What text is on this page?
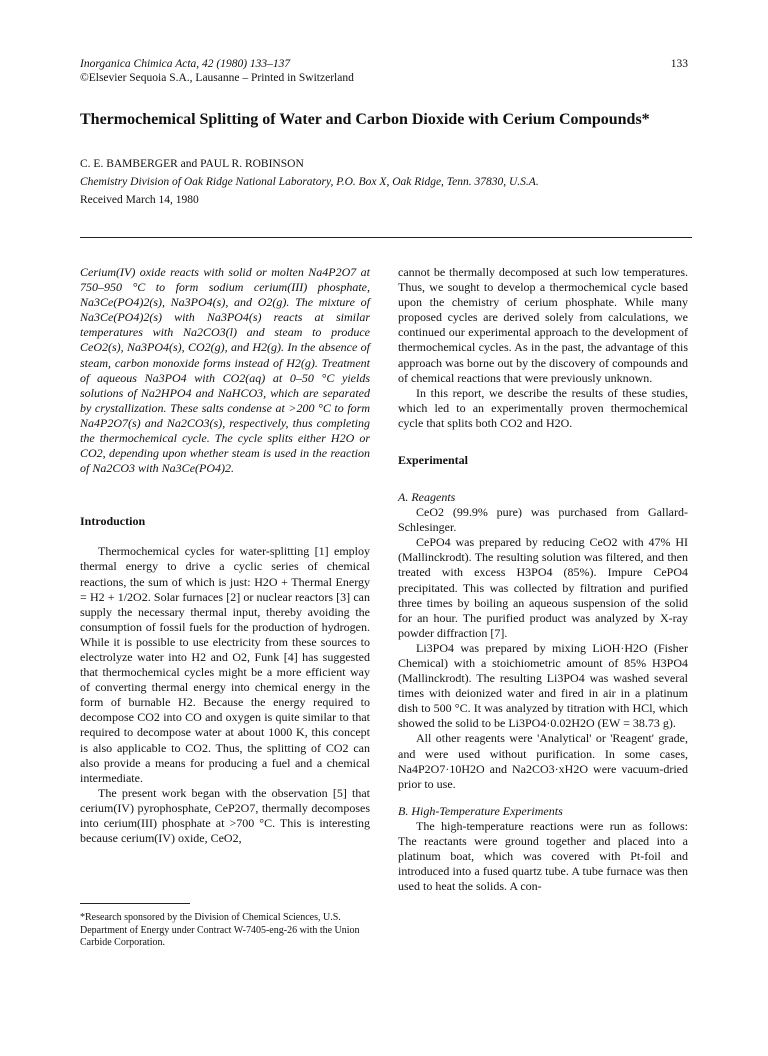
Inorganica Chimica Acta, 42 (1980) 133–137
©Elsevier Sequoia S.A., Lausanne – Printed in Switzerland
133
Thermochemical Splitting of Water and Carbon Dioxide with Cerium Compounds*
C. E. BAMBERGER and PAUL R. ROBINSON
Chemistry Division of Oak Ridge National Laboratory, P.O. Box X, Oak Ridge, Tenn. 37830, U.S.A.
Received March 14, 1980

Cerium(IV) oxide reacts with solid or molten Na4P2O7 at 750–950 °C to form sodium cerium(III) phosphate, Na3Ce(PO4)2(s), Na3PO4(s), and O2(g). The mixture of Na3Ce(PO4)2(s) with Na3PO4(s) reacts at similar temperatures with Na2CO3(l) and steam to produce CeO2(s), Na3PO4(s), CO2(g), and H2(g). In the absence of steam, carbon monoxide forms instead of H2(g). Treatment of aqueous Na3PO4 with CO2(aq) at 0–50 °C yields solutions of Na2HPO4 and NaHCO3, which are separated by crystallization. These salts condense at >200 °C to form Na4P2O7(s) and Na2CO3(s), respectively, thus completing the thermochemical cycle. The cycle splits either H2O or CO2, depending upon whether steam is used in the reaction of Na2CO3 with Na3Ce(PO4)2.

Introduction

Thermochemical cycles for water-splitting [1] employ thermal energy to drive a cyclic series of chemical reactions, the sum of which is just: H2O + Thermal Energy = H2 + 1/2O2. Solar furnaces [2] or nuclear reactors [3] can supply the necessary thermal input, thereby avoiding the consumption of fossil fuels for the production of hydrogen. While it is possible to use electricity from these sources to electrolyze water into H2 and O2, Funk [4] has suggested that thermochemical cycles might be a more efficient way of converting thermal energy into chemical energy in the form of burnable H2. Because the energy required to decompose CO2 into CO and oxygen is quite similar to that required to decompose water at about 1000 K, this concept is also applicable to CO2. Thus, the splitting of CO2 can also provide a means for producing a fuel and a chemical intermediate.

The present work began with the observation [5] that cerium(IV) pyrophosphate, CeP2O7, thermally decomposes into cerium(III) phosphate at >700 °C. This is interesting because cerium(IV) oxide, CeO2,

cannot be thermally decomposed at such low temperatures. Thus, we sought to develop a thermochemical cycle based upon the chemistry of cerium phosphate. While many proposed cycles are derived solely from calculations, we continued our experimental approach to the development of thermochemical cycles. As in the past, the advantage of this approach was borne out by the discovery of compounds and of chemical reactions that were previously unknown.

In this report, we describe the results of these studies, which led to an experimentally proven thermochemical cycle that splits both CO2 and H2O.

Experimental
A. Reagents

CeO2 (99.9% pure) was purchased from Gallard-Schlesinger.

CePO4 was prepared by reducing CeO2 with 47% HI (Mallinckrodt). The resulting solution was filtered, and then treated with excess H3PO4 (85%). Impure CePO4 precipitated. This was collected by filtration and purified three times by boiling an aqueous suspension of the solid for an hour. The purified product was analyzed by X-ray powder diffraction [7].

Li3PO4 was prepared by mixing LiOH·H2O (Fisher Chemical) with a stoichiometric amount of 85% H3PO4 (Mallinckrodt). The resulting Li3PO4 was washed several times with deionized water and fired in air in a platinum dish to 500 °C. It was analyzed by titration with HCl, which showed the solid to be Li3PO4·0.02H2O (EW = 38.73 g).

All other reagents were 'Analytical' or 'Reagent' grade, and were used without purification. In some cases, Na4P2O7·10H2O and Na2CO3·xH2O were vacuum-dried prior to use.

B. High-Temperature Experiments

The high-temperature reactions were run as follows: The reactants were ground together and placed into a platinum boat, which was covered with Pt-foil and introduced into a fused quartz tube. A tube furnace was then used to heat the solids. A con-

*Research sponsored by the Division of Chemical Sciences, U.S. Department of Energy under Contract W-7405-eng-26 with the Union Carbide Corporation.
